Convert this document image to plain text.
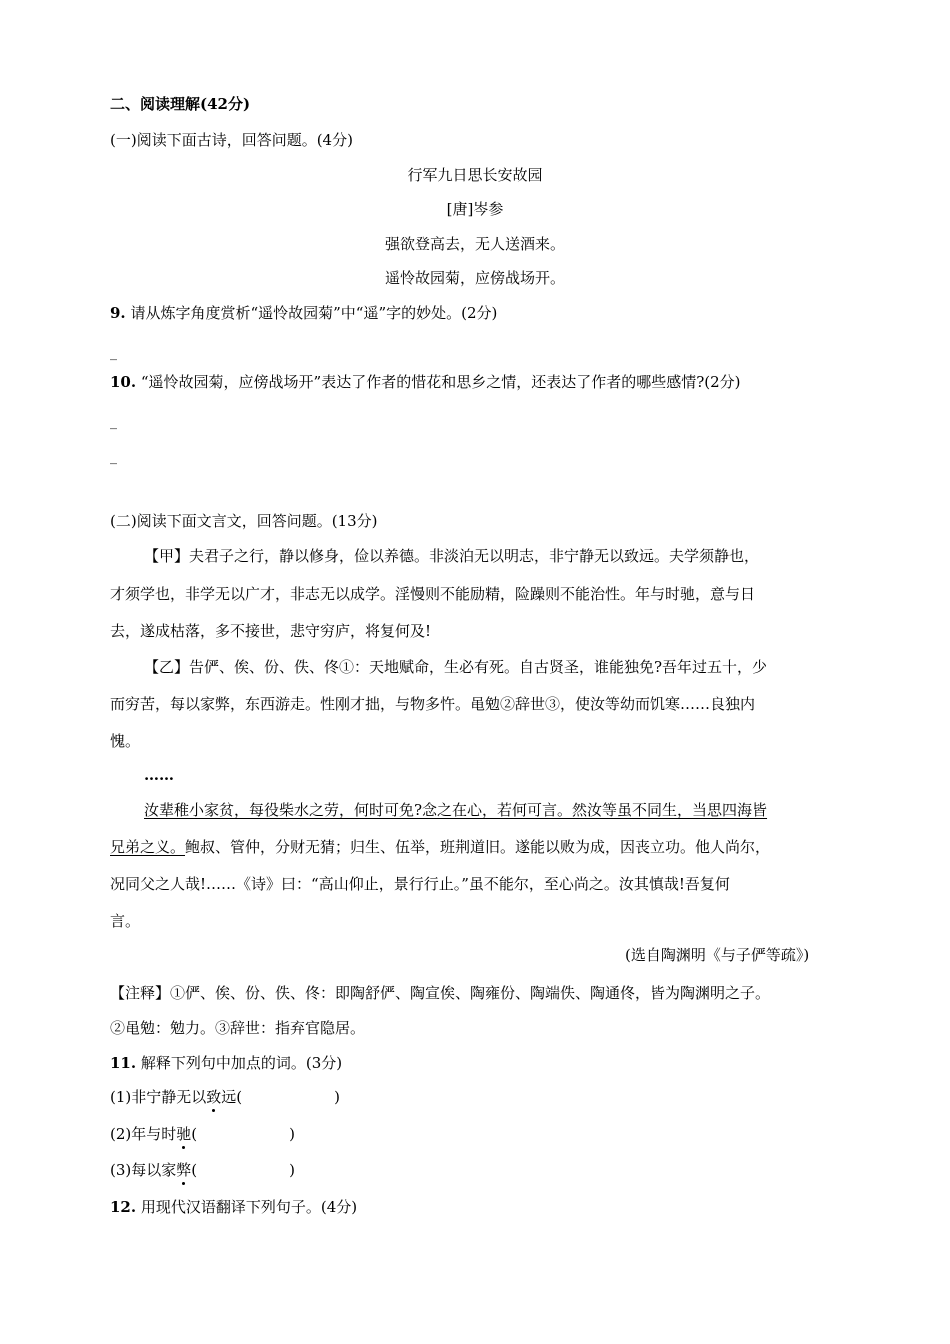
二、阅读理解(42分)
(一)阅读下面古诗，回答问题。(4分)
行军九日思长安故园
[唐]岑参
强欲登高去，无人送酒来。
遥怜故园菊，应傍战场开。
9. 请从炼字角度赏析“遥怜故园菊”中“遥”字的妙处。(2分)
_
10. “遥怜故园菊，应傍战场开”表达了作者的惜花和思乡之情，还表达了作者的哪些感情?(2分)
_
_
(二)阅读下面文言文，回答问题。(13分)
【甲】夫君子之行，静以修身，俭以养德。非淡泊无以明志，非宁静无以致远。夫学须静也，
才须学也，非学无以广才，非志无以成学。淫慢则不能励精，险躁则不能治性。年与时驰，意与日
去，遂成枯落，多不接世，悲守穷庐，将复何及!
【乙】告俨、俟、份、佚、佟①：天地赋命，生必有死。自古贤圣，谁能独免?吾年过五十，少
而穷苦，每以家弊，东西游走。性刚才拙，与物多忤。黾勉②辞世③，使汝等幼而饥寒……良独内
愧。
……
汝辈稚小家贫，每役柴水之劳，何时可免?念之在心，若何可言。然汝等虽不同生，当思四海皆
兄弟之义。鲍叔、管仲，分财无猜；归生、伍举，班荆道旧。遂能以败为成，因丧立功。他人尚尔，
况同父之人哉!……《诗》曰：“高山仰止，景行行止。”虽不能尔，至心尚之。汝其慎哉!吾复何
言。
(选自陶渊明《与子俨等疏》)
【注释】①俨、俟、份、佚、佟：即陶舒俨、陶宣俟、陶雍份、陶端佚、陶通佟，皆为陶渊明之子。
②黾勉：勉力。③辞世：指弃官隐居。
11. 解释下列句中加点的词。(3分)
(1)非宁静无以致远(	)
(2)年与时驰(	)
(3)每以家弊(	)
12. 用现代汉语翻译下列句子。(4分)
